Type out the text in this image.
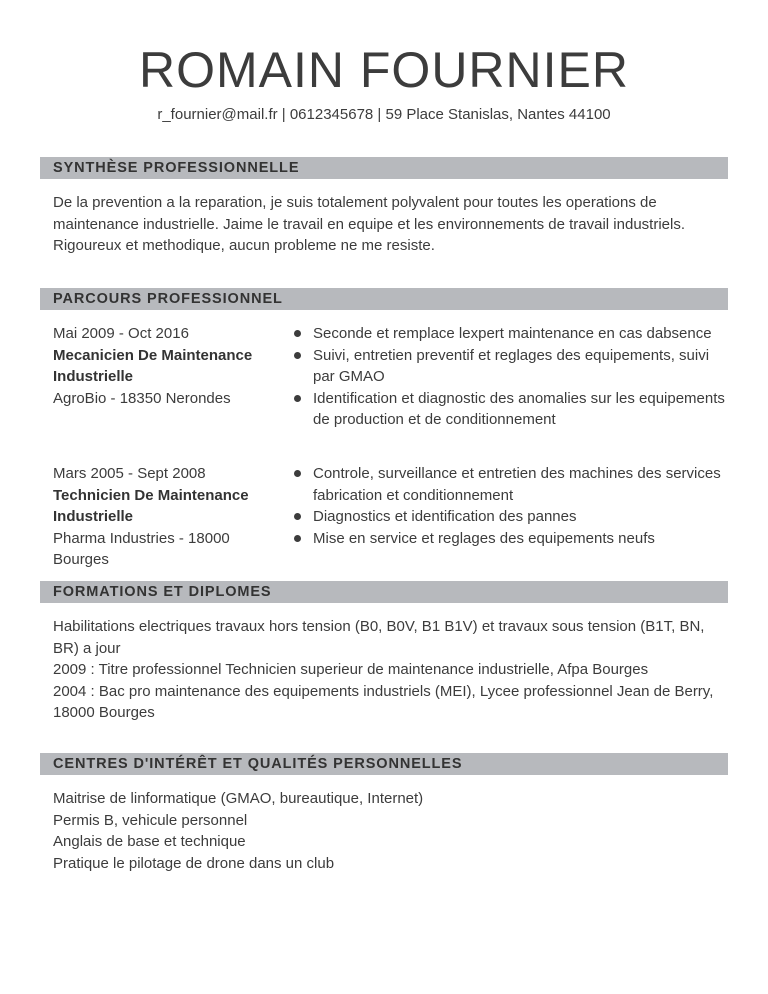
ROMAIN FOURNIER
r_fournier@mail.fr | 0612345678 | 59 Place Stanislas, Nantes 44100
SYNTHÈSE PROFESSIONNELLE
De la prevention a la reparation, je suis totalement polyvalent pour toutes les operations de maintenance industrielle. Jaime le travail en equipe et les environnements de travail industriels. Rigoureux et methodique, aucun probleme ne me resiste.
PARCOURS PROFESSIONNEL
Mai 2009 - Oct 2016
Mecanicien De Maintenance Industrielle
AgroBio - 18350 Nerondes
Seconde et remplace lexpert maintenance en cas dabsence
Suivi, entretien preventif et reglages des equipements, suivi par GMAO
Identification et diagnostic des anomalies sur les equipements de production et de conditionnement
Mars 2005 - Sept 2008
Technicien De Maintenance Industrielle
Pharma Industries - 18000 Bourges
Controle, surveillance et entretien des machines des services fabrication et conditionnement
Diagnostics et identification des pannes
Mise en service et reglages des equipements neufs
FORMATIONS ET DIPLOMES
Habilitations electriques travaux hors tension (B0, B0V, B1 B1V) et travaux sous tension (B1T, BN, BR) a jour
2009 : Titre professionnel Technicien superieur de maintenance industrielle, Afpa Bourges
2004 : Bac pro maintenance des equipements industriels (MEI), Lycee professionnel Jean de Berry, 18000 Bourges
CENTRES D'INTÉRÊT ET QUALITÉS PERSONNELLES
Maitrise de linformatique (GMAO, bureautique, Internet)
Permis B, vehicule personnel
Anglais de base et technique
Pratique le pilotage de drone dans un club
